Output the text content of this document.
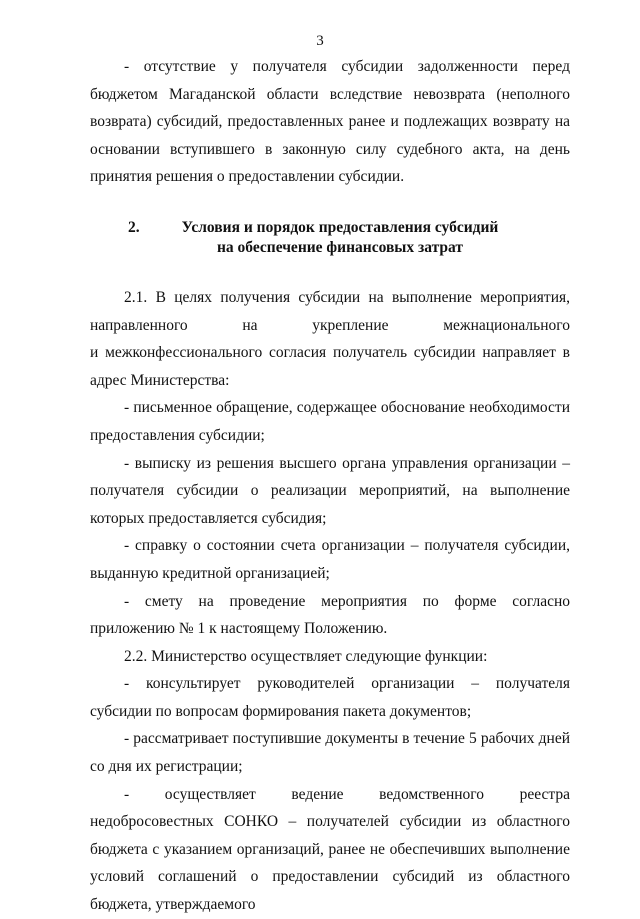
3

- отсутствие у получателя субсидии задолженности перед

бюджетом Магаданской области вследствие невозврата (неполного возврата) субсидий, предоставленных ранее и подлежащих возврату на основании вступившего в законную силу судебного акта, на день принятия решения о предоставлении субсидии.

2.	Условия и порядок предоставления субсидий
на обеспечение финансовых затрат

2.1. В целях получения субсидии на выполнение мероприятия,

направленного на укрепление межнационального

и межконфессионального согласия получатель субсидии направляет в адрес Министерства:

- письменное обращение, содержащее обоснование необходимости предоставления субсидии;

- выписку из решения высшего органа управления организации – получателя субсидии о реализации мероприятий, на выполнение которых предоставляется субсидия;

- справку о состоянии счета организации – получателя субсидии, выданную кредитной организацией;

- смету на проведение мероприятия по форме согласно приложению № 1 к настоящему Положению.

2.2. Министерство осуществляет следующие функции:

- консультирует руководителей организации – получателя субсидии по вопросам формирования пакета документов;

- рассматривает поступившие документы в течение 5 рабочих дней со дня их регистрации;

- осуществляет ведение ведомственного реестра недобросовестных СОНКО – получателей субсидии из областного бюджета с указанием организаций, ранее не обеспечивших выполнение условий соглашений о предоставлении субсидий из областного бюджета, утверждаемого
